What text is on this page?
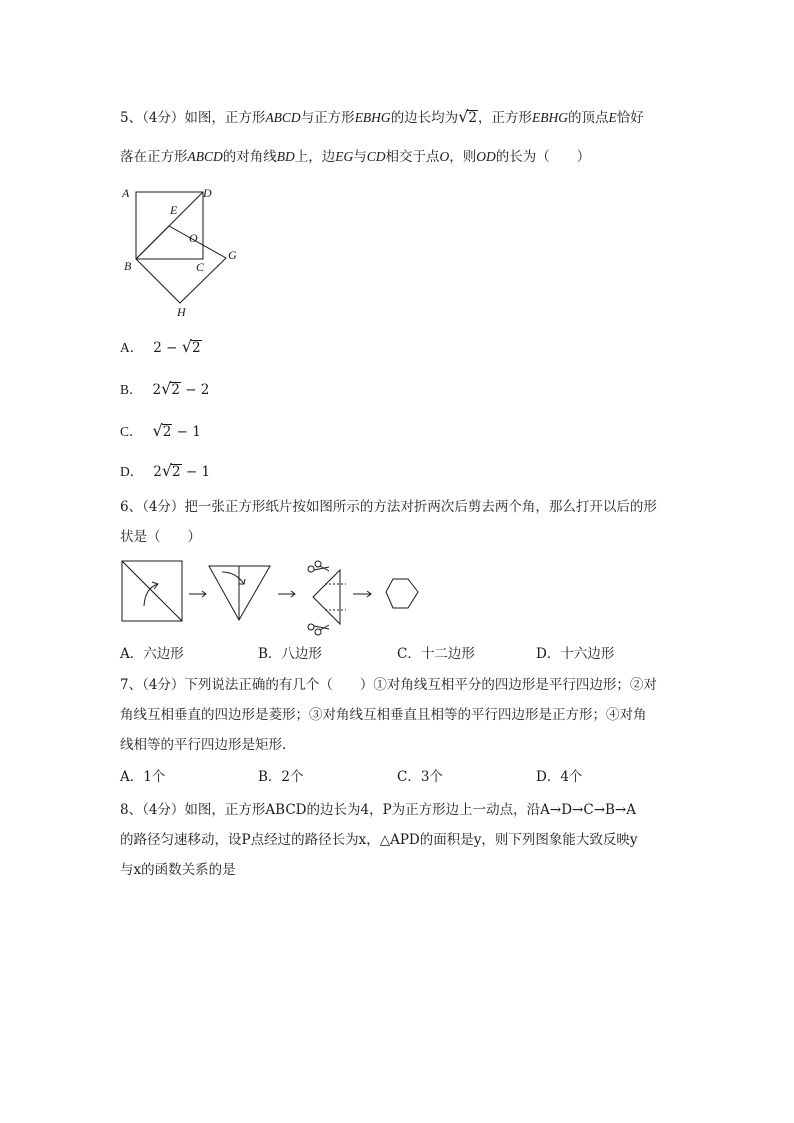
5、（4分）如图，正方形ABCD与正方形EBHG的边长均为√2，正方形EBHG的顶点E恰好
落在正方形ABCD的对角线BD上，边EG与CD相交于点O，则OD的长为（　　）
A	D
E
O
B	C
G
H
A． 2 − √2
B． 2√2 − 2
C． √2 − 1
D． 2√2 − 1
6、（4分）把一张正方形纸片按如图所示的方法对折两次后剪去两个角，那么打开以后的形
状是（　　）
A．六边形	B．八边形	C．十二边形	D．十六边形
7、（4分）下列说法正确的有几个（　　）①对角线互相平分的四边形是平行四边形；②对
角线互相垂直的四边形是菱形；③对角线互相垂直且相等的平行四边形是正方形；④对角
线相等的平行四边形是矩形.
A．1个	B．2个	C．3个	D．4个
8、（4分）如图，正方形ABCD的边长为4，P为正方形边上一动点，沿A→D→C→B→A
的路径匀速移动，设P点经过的路径长为x，△APD的面积是y，则下列图象能大致反映y
与x的函数关系的是
